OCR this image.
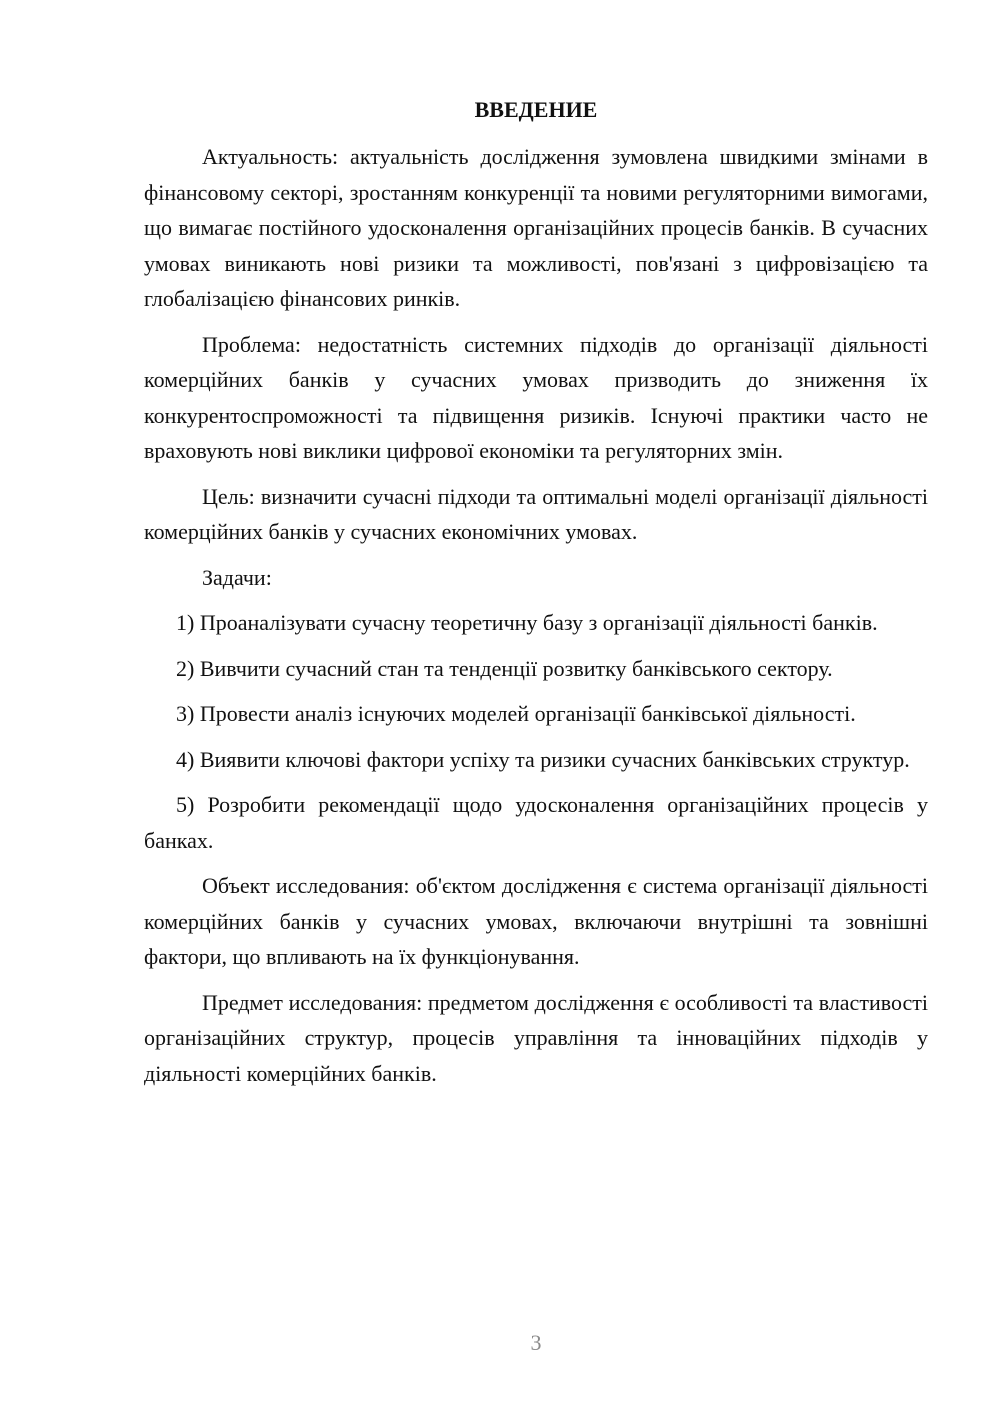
ВВЕДЕНИЕ

Актуальность: актуальність дослідження зумовлена швидкими змінами в фінансовому секторі, зростанням конкуренції та новими регуляторними вимогами, що вимагає постійного удосконалення організаційних процесів банків. В сучасних умовах виникають нові ризики та можливості, пов'язані з цифровізацією та глобалізацією фінансових ринків.

Проблема: недостатність системних підходів до організації діяльності комерційних банків у сучасних умовах призводить до зниження їх конкурентоспроможності та підвищення ризиків. Існуючі практики часто не враховують нові виклики цифрової економіки та регуляторних змін.

Цель: визначити сучасні підходи та оптимальні моделі організації діяльності комерційних банків у сучасних економічних умовах.

Задачи:

1) Проаналізувати сучасну теоретичну базу з організації діяльності банків.

2) Вивчити сучасний стан та тенденції розвитку банківського сектору.

3) Провести аналіз існуючих моделей організації банківської діяльності.

4) Виявити ключові фактори успіху та ризики сучасних банківських структур.

5) Розробити рекомендації щодо удосконалення організаційних процесів у банках.

Объект исследования: об'єктом дослідження є система організації діяльності комерційних банків у сучасних умовах, включаючи внутрішні та зовнішні фактори, що впливають на їх функціонування.

Предмет исследования: предметом дослідження є особливості та властивості організаційних структур, процесів управління та інноваційних підходів у діяльності комерційних банків.

3
